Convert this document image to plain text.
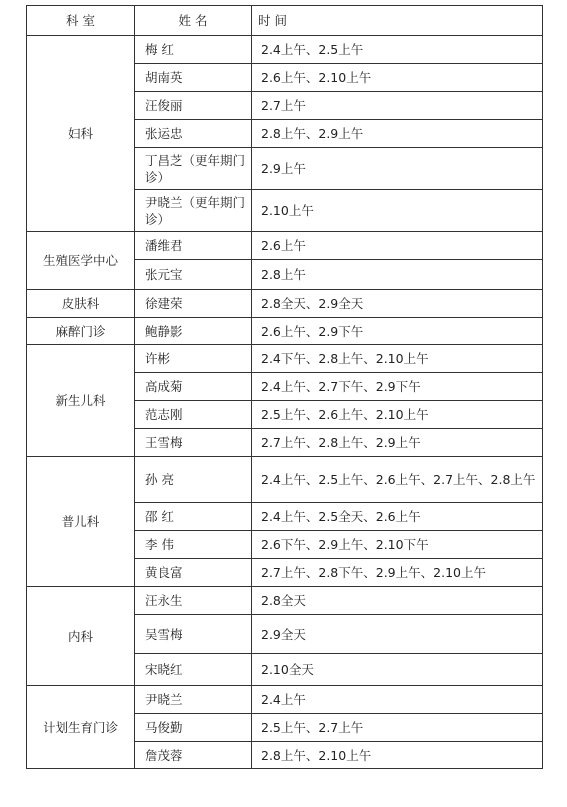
科 室	姓 名	时 间
妇科	梅 红	2.4上午、2.5上午
	胡南英	2.6上午、2.10上午
	汪俊丽	2.7上午
	张运忠	2.8上午、2.9上午
	丁昌芝（更年期门诊）	2.9上午
	尹晓兰（更年期门诊）	2.10上午
生殖医学中心	潘维君	2.6上午
	张元宝	2.8上午
皮肤科	徐建荣	2.8全天、2.9全天
麻醉门诊	鲍静影	2.6上午、2.9下午
新生儿科	许彬	2.4下午、2.8上午、2.10上午
	高成菊	2.4上午、2.7下午、2.9下午
	范志刚	2.5上午、2.6上午、2.10上午
	王雪梅	2.7上午、2.8上午、2.9上午
普儿科	孙 亮	2.4上午、2.5上午、2.6上午、2.7上午、2.8上午
	邵 红	2.4上午、2.5全天、2.6上午
	李 伟	2.6下午、2.9上午、2.10下午
	黄良富	2.7上午、2.8下午、2.9上午、2.10上午
内科	汪永生	2.8全天
	吴雪梅	2.9全天
	宋晓红	2.10全天
计划生育门诊	尹晓兰	2.4上午
	马俊勤	2.5上午、2.7上午
	詹茂蓉	2.8上午、2.10上午
